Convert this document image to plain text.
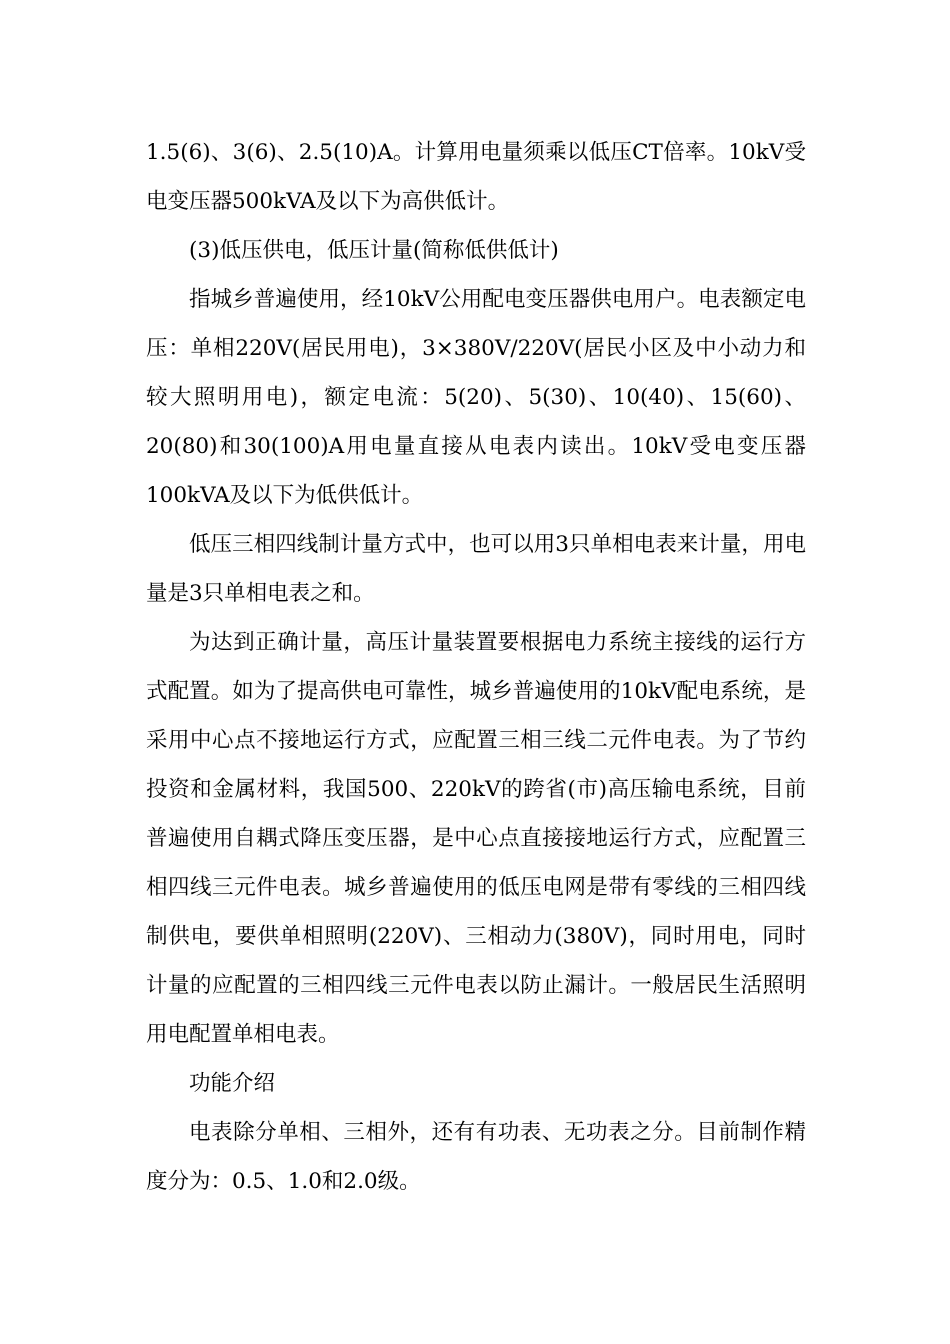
1.5(6)、3(6)、2.5(10)A。计算用电量须乘以低压CT倍率。10kV受电变压器500kVA及以下为高供低计。

(3)低压供电，低压计量(简称低供低计)

指城乡普遍使用，经10kV公用配电变压器供电用户。电表额定电压：单相220V(居民用电)，3×380V/220V(居民小区及中小动力和较大照明用电)，额定电流：5(20)、5(30)、10(40)、15(60)、20(80)和30(100)A用电量直接从电表内读出。10kV受电变压器100kVA及以下为低供低计。

低压三相四线制计量方式中，也可以用3只单相电表来计量，用电量是3只单相电表之和。

为达到正确计量，高压计量装置要根据电力系统主接线的运行方式配置。如为了提高供电可靠性，城乡普遍使用的10kV配电系统，是采用中心点不接地运行方式，应配置三相三线二元件电表。为了节约投资和金属材料，我国500、220kV的跨省(市)高压输电系统，目前普遍使用自耦式降压变压器，是中心点直接接地运行方式，应配置三相四线三元件电表。城乡普遍使用的低压电网是带有零线的三相四线制供电，要供单相照明(220V)、三相动力(380V)，同时用电，同时计量的应配置的三相四线三元件电表以防止漏计。一般居民生活照明用电配置单相电表。

功能介绍

电表除分单相、三相外，还有有功表、无功表之分。目前制作精度分为：0.5、1.0和2.0级。
